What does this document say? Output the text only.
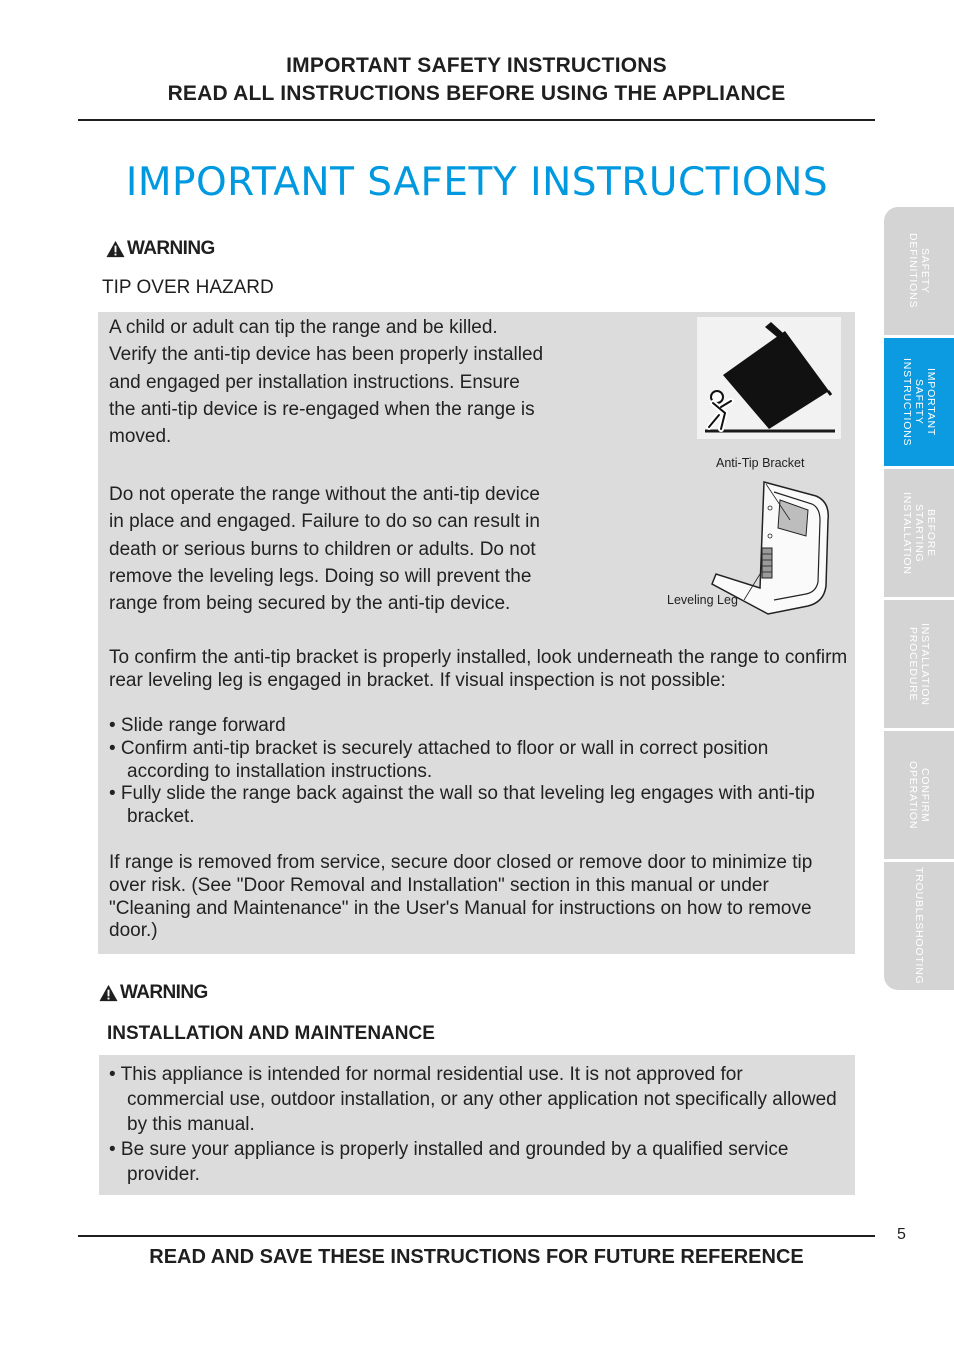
IMPORTANT SAFETY INSTRUCTIONS
READ ALL INSTRUCTIONS BEFORE USING THE APPLIANCE
IMPORTANT SAFETY INSTRUCTIONS
WARNING
TIP OVER HAZARD
A child or adult can tip the range and be killed.
Verify the anti-tip device has been properly installed
and engaged per installation instructions. Ensure
the anti-tip device is re-engaged when the range is
moved.
Do not operate the range without the anti-tip device
in place and engaged. Failure to do so can result in
death or serious burns to children or adults. Do not
remove the leveling legs. Doing so will prevent the
range from being secured by the anti-tip device.
Anti-Tip Bracket
Leveling Leg
To confirm the anti-tip bracket is properly installed, look underneath the range to confirm rear leveling leg is engaged in bracket. If visual inspection is not possible:
• Slide range forward
• Confirm anti-tip bracket is securely attached to floor or wall in correct position according to installation instructions.
• Fully slide the range back against the wall so that leveling leg engages with anti-tip bracket.
If range is removed from service, secure door closed or remove door to minimize tip over risk. (See "Door Removal and Installation" section in this manual or under "Cleaning and Maintenance" in the User's Manual for instructions on how to remove door.)
WARNING
INSTALLATION AND MAINTENANCE
• This appliance is intended for normal residential use. It is not approved for commercial use, outdoor installation, or any other application not specifically allowed by this manual.
• Be sure your appliance is properly installed and grounded by a qualified service provider.
SAFETY
DEFINITIONS
IMPORTANT
SAFETY
INSTRUCTIONS
BEFORE
STARTING
INSTALLATION
INSTALLATION
PROCEDURE
CONFIRM
OPERATION
TROUBLESHOOTING
5
READ AND SAVE THESE INSTRUCTIONS FOR FUTURE REFERENCE
